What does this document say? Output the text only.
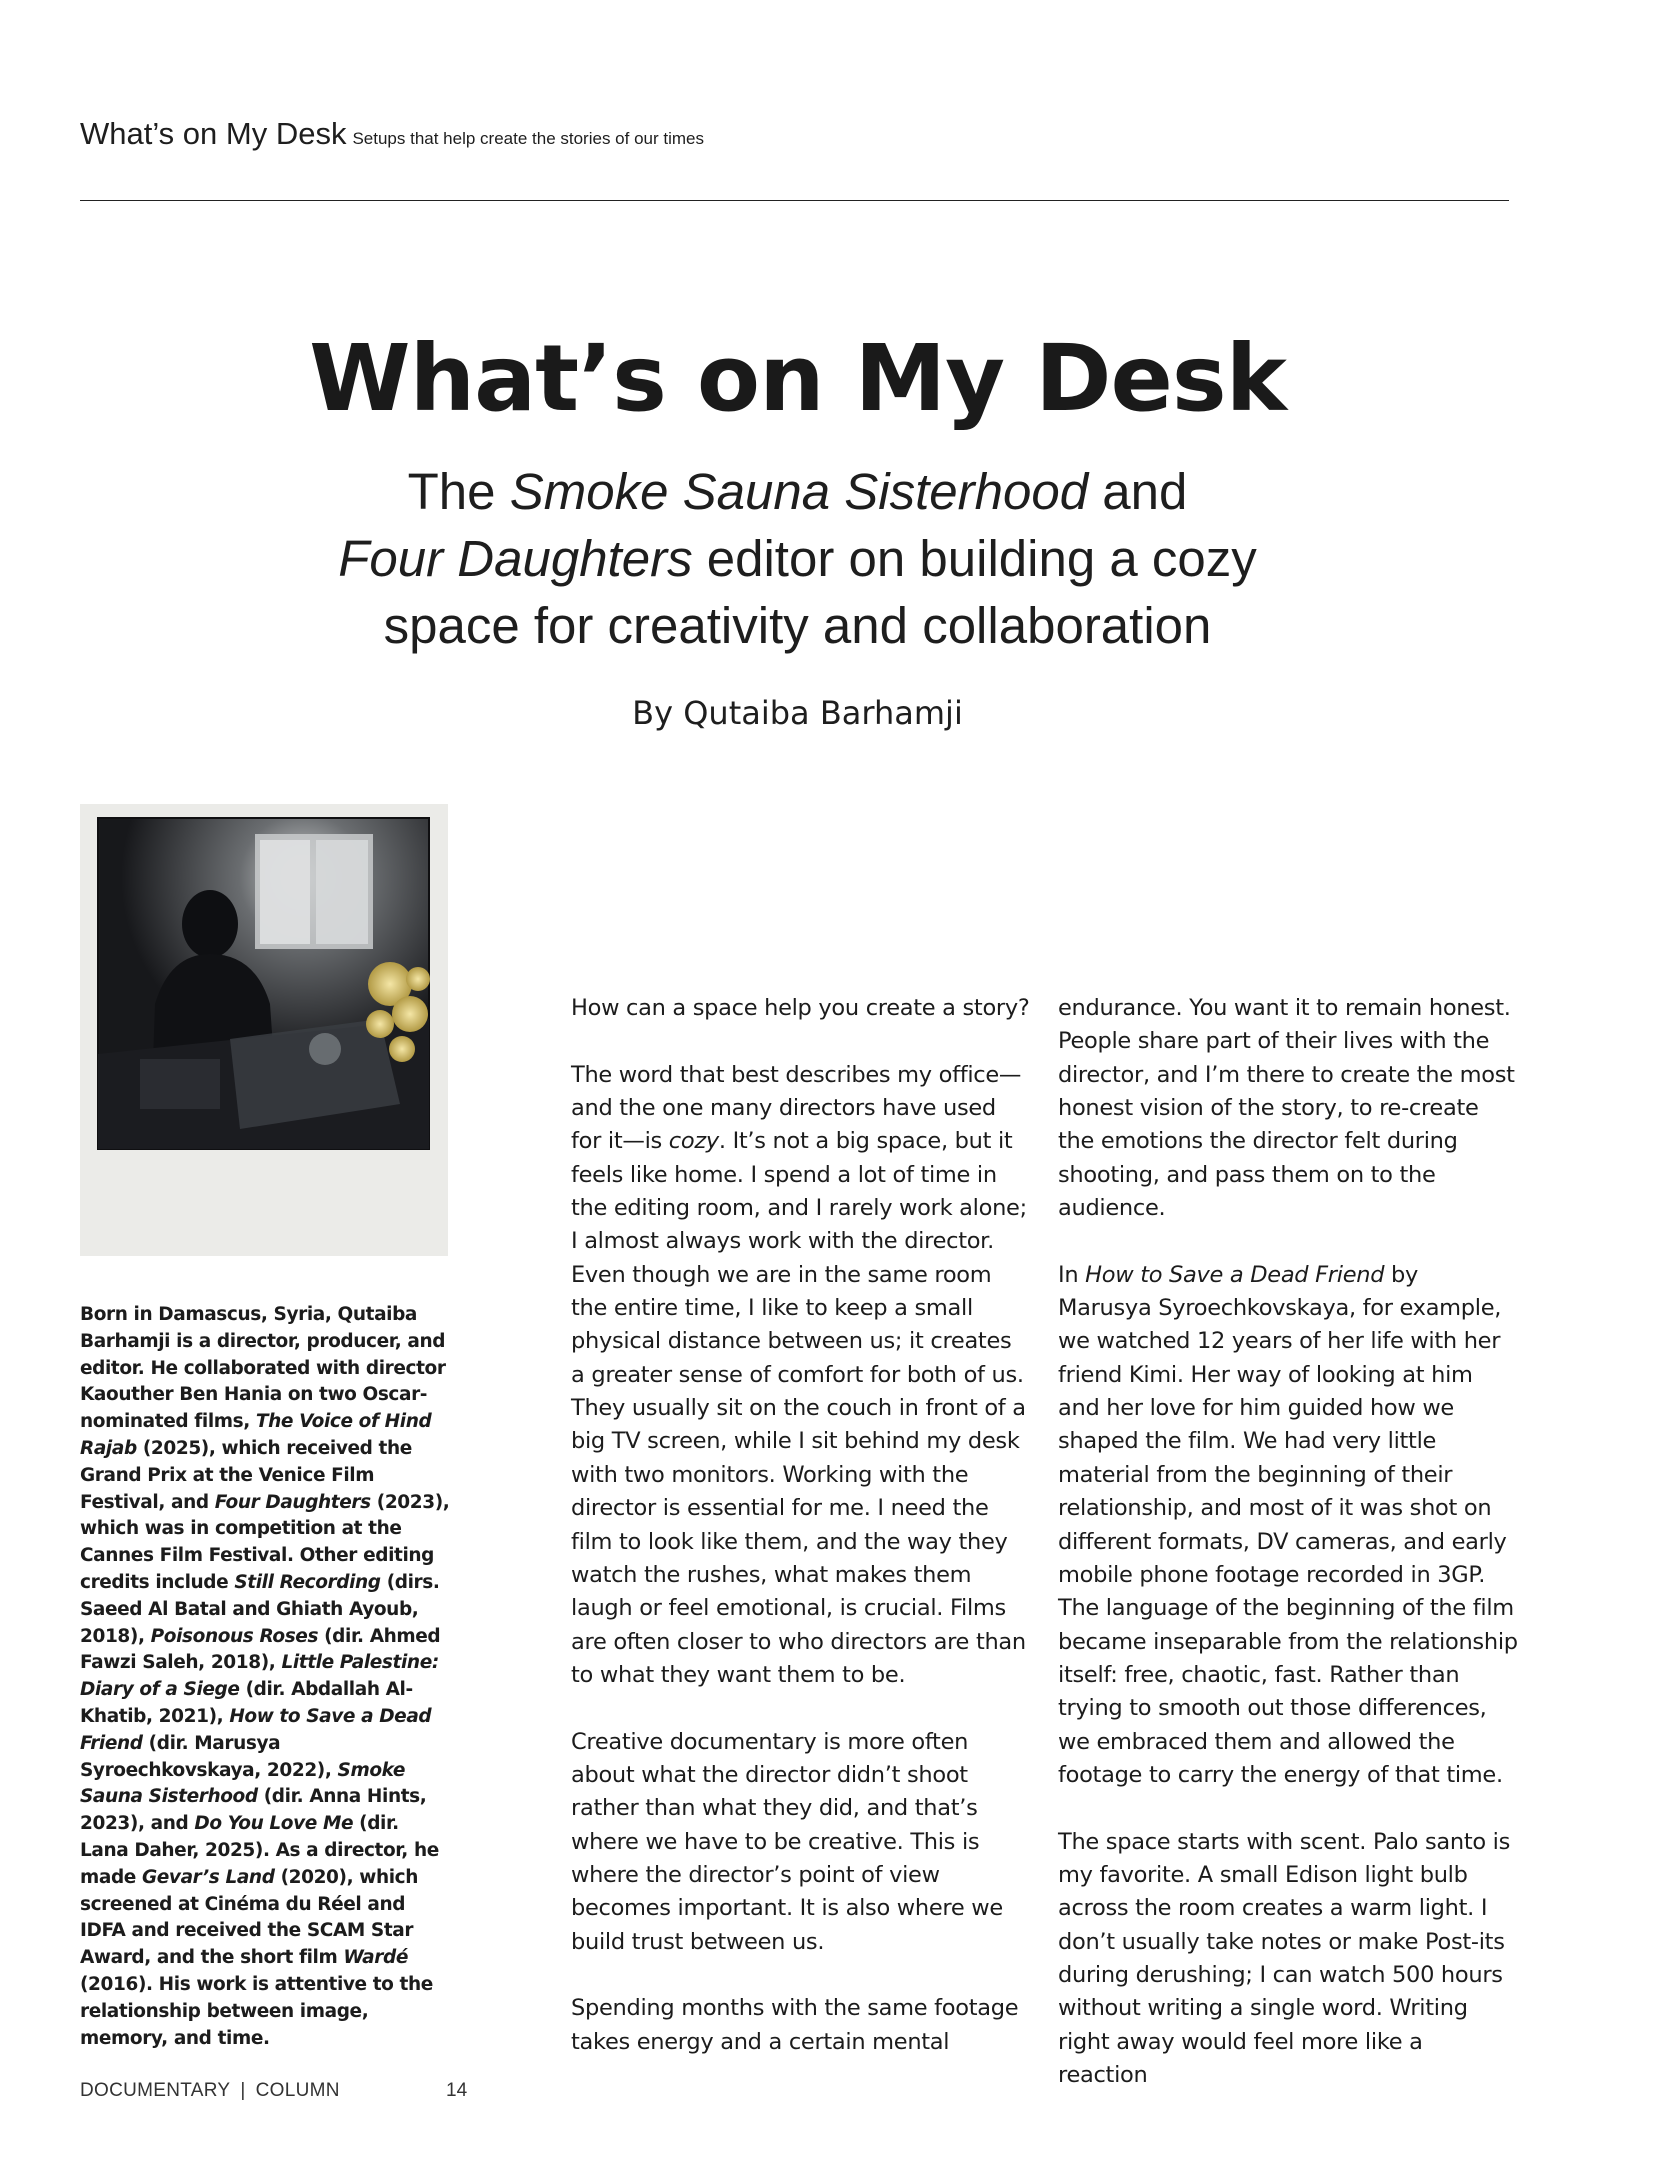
What’s on My Desk Setups that help create the stories of our times
What’s on My Desk
The Smoke Sauna Sisterhood and
Four Daughters editor on building a cozy
space for creativity and collaboration
By Qutaiba Barhamji
Born in Damascus, Syria, Qutaiba Barhamji is a director, producer, and editor. He collaborated with director Kaouther Ben Hania on two Oscar-nominated films, The Voice of Hind Rajab (2025), which received the Grand Prix at the Venice Film Festival, and Four Daughters (2023), which was in competition at the Cannes Film Festival. Other editing credits include Still Recording (dirs. Saeed Al Batal and Ghiath Ayoub, 2018), Poisonous Roses (dir. Ahmed Fawzi Saleh, 2018), Little Palestine: Diary of a Siege (dir. Abdallah Al-Khatib, 2021), How to Save a Dead Friend (dir. Marusya Syroechkovskaya, 2022), Smoke Sauna Sisterhood (dir. Anna Hints, 2023), and Do You Love Me (dir. Lana Daher, 2025). As a director, he made Gevar’s Land (2020), which screened at Cinéma du Réel and IDFA and received the SCAM Star Award, and the short film Wardé (2016). His work is attentive to the relationship between image, memory, and time.

How can a space help you create a story?

The word that best describes my office—and the one many directors have used for it—is cozy. It’s not a big space, but it feels like home. I spend a lot of time in the editing room, and I rarely work alone; I almost always work with the director. Even though we are in the same room the entire time, I like to keep a small physical distance between us; it creates a greater sense of comfort for both of us. They usually sit on the couch in front of a big TV screen, while I sit behind my desk with two monitors. Working with the director is essential for me. I need the film to look like them, and the way they watch the rushes, what makes them laugh or feel emotional, is crucial. Films are often closer to who directors are than to what they want them to be.

Creative documentary is more often about what the director didn’t shoot rather than what they did, and that’s where we have to be creative. This is where the director’s point of view becomes important. It is also where we build trust between us.

Spending months with the same footage takes energy and a certain mental

endurance. You want it to remain honest. People share part of their lives with the director, and I’m there to create the most honest vision of the story, to re-create the emotions the director felt during shooting, and pass them on to the audience.

In How to Save a Dead Friend by Marusya Syroechkovskaya, for example, we watched 12 years of her life with her friend Kimi. Her way of looking at him and her love for him guided how we shaped the film. We had very little material from the beginning of their relationship, and most of it was shot on different formats, DV cameras, and early mobile phone footage recorded in 3GP. The language of the beginning of the film became inseparable from the relationship itself: free, chaotic, fast. Rather than trying to smooth out those differences, we embraced them and allowed the footage to carry the energy of that time.

The space starts with scent. Palo santo is my favorite. A small Edison light bulb across the room creates a warm light. I don’t usually take notes or make Post-its during derushing; I can watch 500 hours without writing a single word. Writing right away would feel more like a reaction

DOCUMENTARY | COLUMN	14
